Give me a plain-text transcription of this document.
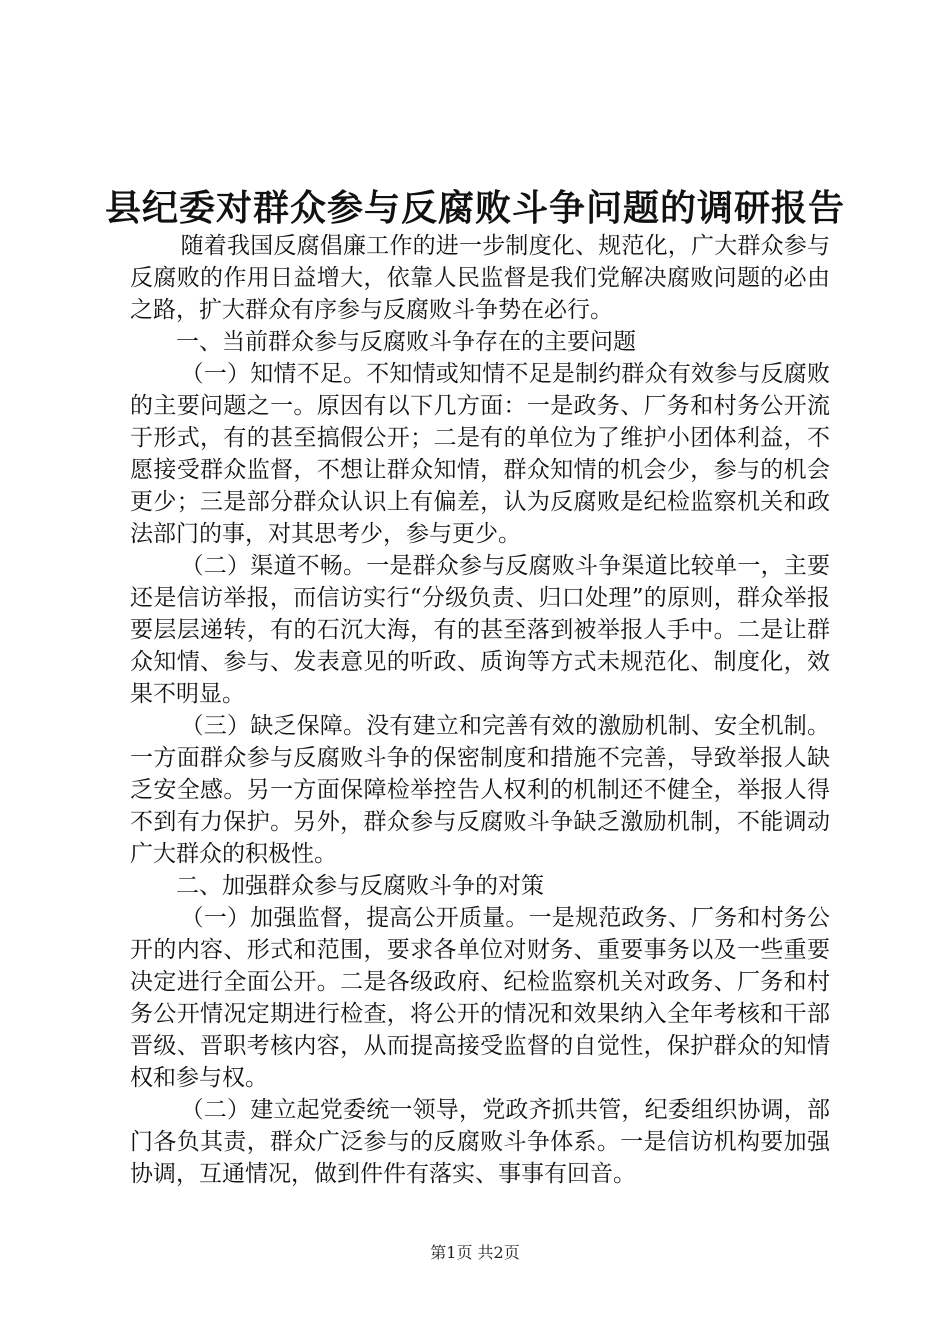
县纪委对群众参与反腐败斗争问题的调研报告

随着我国反腐倡廉工作的进一步制度化、规范化，广大群众参与反腐败的作用日益增大，依靠人民监督是我们党解决腐败问题的必由之路，扩大群众有序参与反腐败斗争势在必行。

一、当前群众参与反腐败斗争存在的主要问题

（一）知情不足。不知情或知情不足是制约群众有效参与反腐败的主要问题之一。原因有以下几方面：一是政务、厂务和村务公开流于形式，有的甚至搞假公开；二是有的单位为了维护小团体利益，不愿接受群众监督，不想让群众知情，群众知情的机会少，参与的机会更少；三是部分群众认识上有偏差，认为反腐败是纪检监察机关和政法部门的事，对其思考少，参与更少。

（二）渠道不畅。一是群众参与反腐败斗争渠道比较单一，主要还是信访举报，而信访实行“分级负责、归口处理”的原则，群众举报要层层递转，有的石沉大海，有的甚至落到被举报人手中。二是让群众知情、参与、发表意见的听政、质询等方式未规范化、制度化，效果不明显。

（三）缺乏保障。没有建立和完善有效的激励机制、安全机制。一方面群众参与反腐败斗争的保密制度和措施不完善，导致举报人缺乏安全感。另一方面保障检举控告人权利的机制还不健全，举报人得不到有力保护。另外，群众参与反腐败斗争缺乏激励机制，不能调动广大群众的积极性。

二、加强群众参与反腐败斗争的对策

（一）加强监督，提高公开质量。一是规范政务、厂务和村务公开的内容、形式和范围，要求各单位对财务、重要事务以及一些重要决定进行全面公开。二是各级政府、纪检监察机关对政务、厂务和村务公开情况定期进行检查，将公开的情况和效果纳入全年考核和干部晋级、晋职考核内容，从而提高接受监督的自觉性，保护群众的知情权和参与权。

（二）建立起党委统一领导，党政齐抓共管，纪委组织协调，部门各负其责，群众广泛参与的反腐败斗争体系。一是信访机构要加强协调，互通情况，做到件件有落实、事事有回音。

第1页 共2页
